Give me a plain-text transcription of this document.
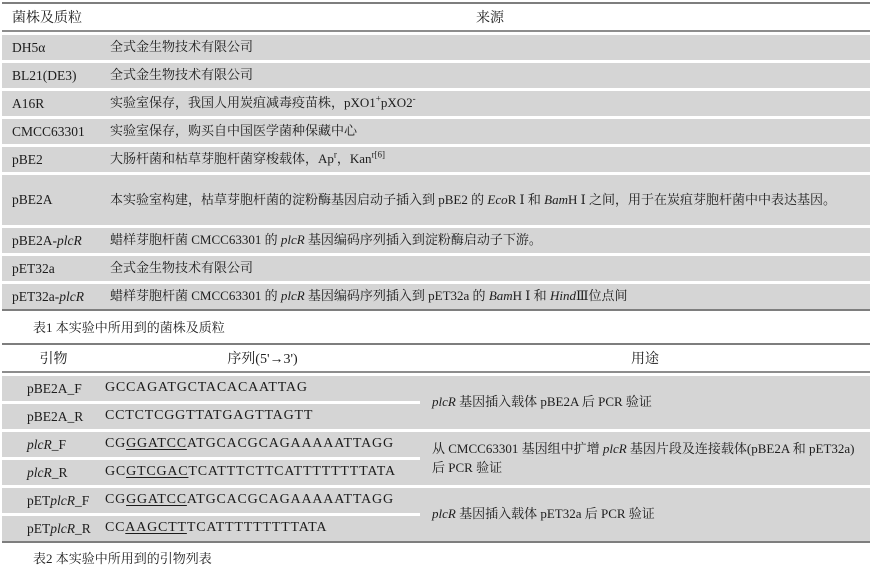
菌株及质粒	来源
DH5α	全式金生物技术有限公司
BL21(DE3)	全式金生物技术有限公司
A16R	实验室保存，我国人用炭疽减毒疫苗株，pXO1+pXO2-
CMCC63301	实验室保存，购买自中国医学菌种保藏中心
pBE2	大肠杆菌和枯草芽胞杆菌穿梭载体，Ap$^r$，Kan$^{r[6]}$
pBE2A	本实验室构建，枯草芽胞杆菌的淀粉酶基因启动子插入到 pBE2 的 EcoR Ⅰ 和 BamH Ⅰ 之间，用于在炭疽芽胞杆菌中中表达基因。
pBE2A-plcR	蜡样芽胞杆菌 CMCC63301 的 plcR 基因编码序列插入到淀粉酶启动子下游。
pET32a	全式金生物技术有限公司
pET32a-plcR	蜡样芽胞杆菌 CMCC63301 的 plcR 基因编码序列插入到 pET32a 的 BamH Ⅰ 和 HindⅢ位点间
表1 本实验中所用到的菌株及质粒
引物	序列(5'→3')	用途
pBE2A_F	GCCAGATGCTACACAATTAG	plcR 基因插入载体 pBE2A 后 PCR 验证
pBE2A_R	CCTCTCGGTTATGAGTTAGTT	
plcR_F	CGGGATCCATGCACGCAGAAAAATTAGG	从 CMCC63301 基因组中扩增 plcR 基因片段及连接载体(pBE2A 和 pET32a)后 PCR 验证
plcR_R	GCGTCGACTCATTTCTTCATTTTTTTTATA	
pETplcR_F	CGGGATCCATGCACGCAGAAAAATTAGG	plcR 基因插入载体 pET32a 后 PCR 验证
pETplcR_R	CCAAGCTTTCATTTTTTTTTATA	
表2 本实验中所用到的引物列表
